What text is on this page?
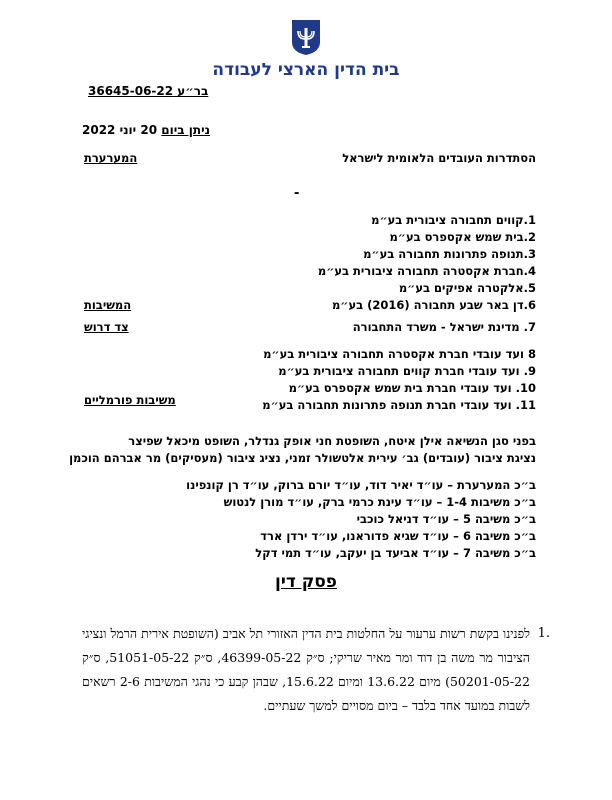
בית הדין הארצי לעבודה
בר״ע 36645-06-22
ניתן ביום 20 יוני 2022
הסתדרות העובדים הלאומית לישראל
המערערת
-
1.קווים תחבורה ציבורית בע״מ
2.בית שמש אקספרס בע״מ
3.תנופה פתרונות תחבורה בע״מ
4.חברת אקסטרה תחבורה ציבורית בע״מ
5.אלקטרה אפיקים בע״מ
6.דן באר שבע תחבורה (2016) בע״מ
המשיבות
7. מדינת ישראל - משרד התחבורה
צד דרוש
8 ועד עובדי חברת אקסטרה תחבורה ציבורית בע״מ
9. ועד עובדי חברת קווים תחבורה ציבורית בע״מ
10. ועד עובדי חברת בית שמש אקספרס בע״מ
11. ועד עובדי חברת תנופה פתרונות תחבורה בע״מ
משיבות פורמליים
בפני סגן הנשיאה אילן איטח, השופטת חני אופק גנדלר, השופט מיכאל שפיצר
נציגת ציבור (עובדים) גב׳ עירית אלטשולר זמני, נציג ציבור (מעסיקים) מר אברהם הוכמן
ב״כ המערערת – עו״ד יאיר דוד, עו״ד יורם ברוק, עו״ד רן קונפינו
ב״כ משיבות 1-4 – עו״ד עינת כרמי ברק, עו״ד מורן לנטוש
ב״כ משיבה 5 – עו״ד דניאל כוכבי
ב״כ משיבה 6 – עו״ד שגיא פדוראנו, עו״ד ירדן ארד
ב״כ משיבה 7 – עו״ד אביעד בן יעקב, עו״ד תמי דקל
פסק דין
1.
לפנינו בקשת רשות ערעור על החלטות בית הדין האזורי תל אביב (השופטת אירית הרמל ונציגי הציבור מר משה בן דוד ומר מאיר שריקי; ס״ק 46399-05-22, ס״ק 51051-05-22, ס״ק 50201-05-22) מיום 13.6.22 ומיום 15.6.22, שבהן קבע כי נהגי המשיבות 2-6 רשאים לשבות במועד אחד בלבד – ביום מסויים למשך שעתיים.
